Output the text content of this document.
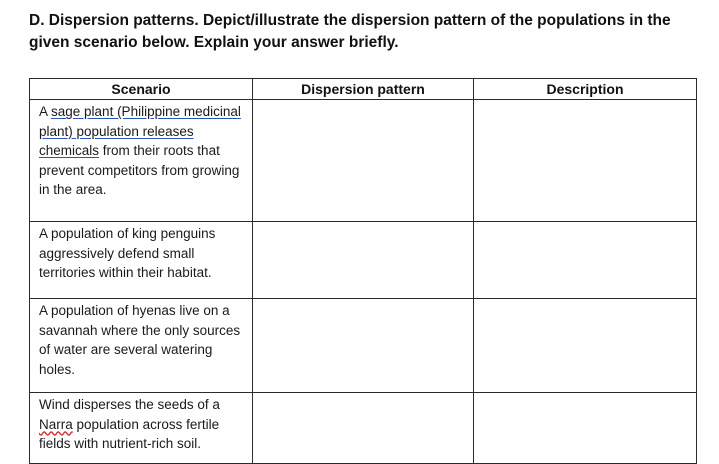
D. Dispersion patterns. Depict/illustrate the dispersion pattern of the populations in the
given scenario below. Explain your answer briefly.
Scenario	Dispersion pattern	Description

A sage plant (Philippine medicinal plant) population releases chemicals from their roots that prevent competitors from growing in the area.		

A population of king penguins aggressively defend small territories within their habitat.		

A population of hyenas live on a savannah where the only sources of water are several watering holes.		

Wind disperses the seeds of a Narra population across fertile fields with nutrient-rich soil.		
